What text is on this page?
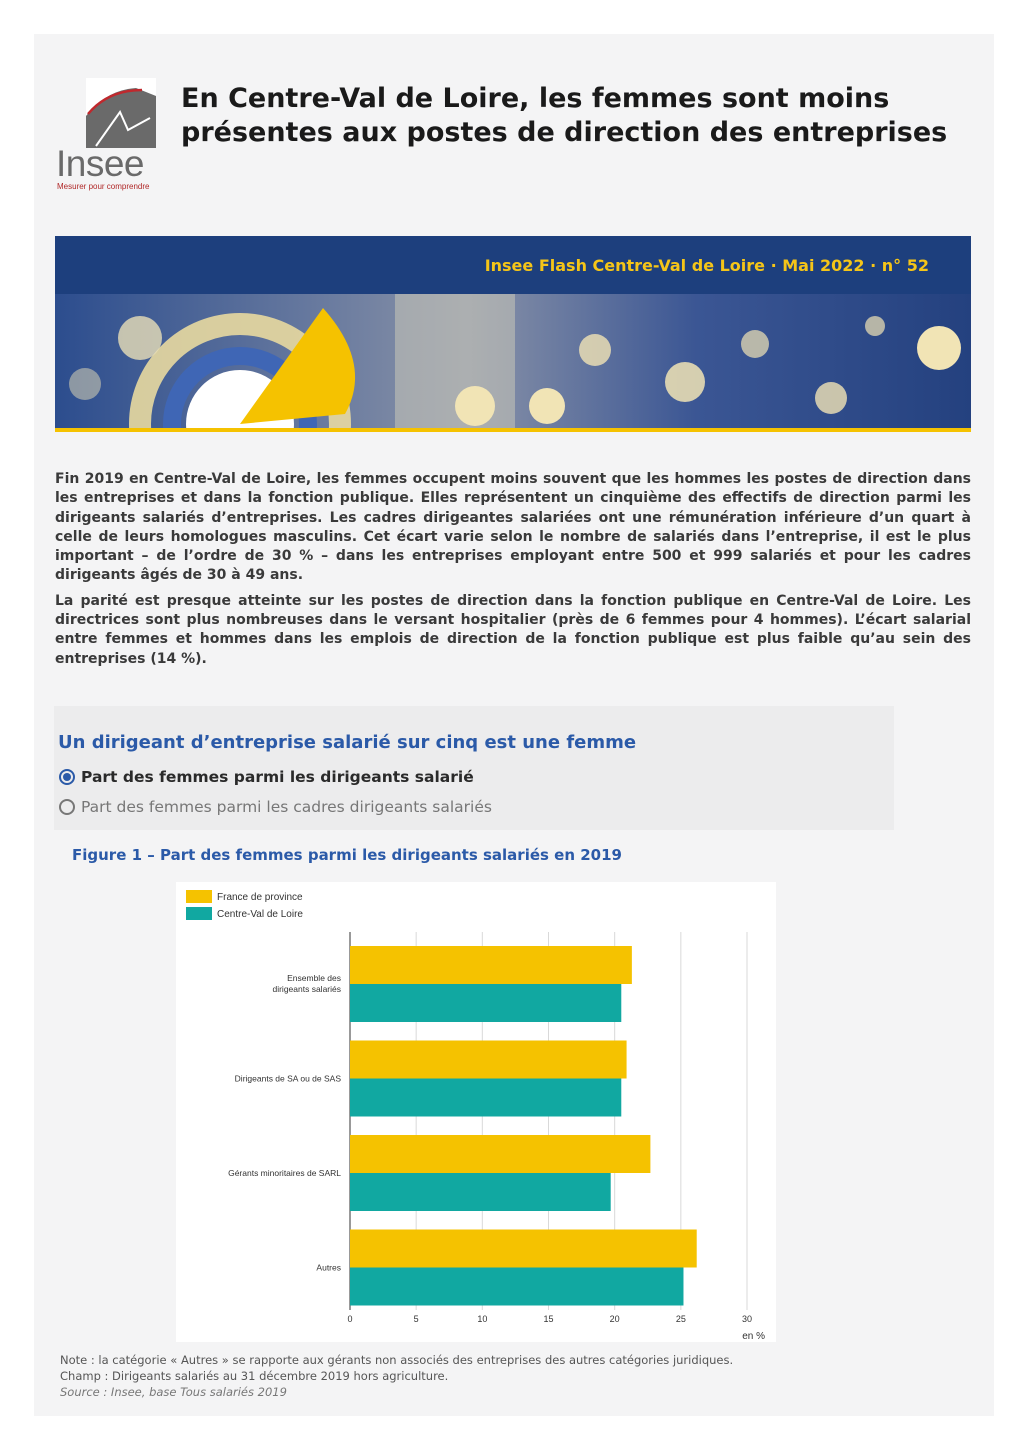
Insee
Mesurer pour comprendre
En Centre-Val de Loire, les femmes sont moins
présentes aux postes de direction des entreprises
Insee Flash Centre-Val de Loire · Mai 2022 · n° 52

Fin 2019 en Centre-Val de Loire, les femmes occupent moins souvent que les hommes les postes de direction dans les entreprises et dans la fonction publique. Elles représentent un cinquième des effectifs de direction parmi les dirigeants salariés d’entreprises. Les cadres dirigeantes salariées ont une rémunération inférieure d’un quart à celle de leurs homologues masculins. Cet écart varie selon le nombre de salariés dans l’entreprise, il est le plus important – de l’ordre de 30 % – dans les entreprises employant entre 500 et 999 salariés et pour les cadres dirigeants âgés de 30 à 49 ans.

La parité est presque atteinte sur les postes de direction dans la fonction publique en Centre-Val de Loire. Les directrices sont plus nombreuses dans le versant hospitalier (près de 6 femmes pour 4 hommes). L’écart salarial entre femmes et hommes dans les emplois de direction de la fonction publique est plus faible qu’au sein des entreprises (14 %).

Un dirigeant d’entreprise salarié sur cinq est une femme
Part des femmes parmi les dirigeants salarié
Part des femmes parmi les cadres dirigeants salariés
Figure 1 – Part des femmes parmi les dirigeants salariés en 2019
France de province
Centre-Val de Loire
0	5	10	15	20	25	30
en %
Ensemble des
dirigeants salariés
Dirigeants de SA ou de SAS
Gérants minoritaires de SARL
Autres
Note : la catégorie « Autres » se rapporte aux gérants non associés des entreprises des autres catégories juridiques.
Champ : Dirigeants salariés au 31 décembre 2019 hors agriculture.
Source : Insee, base Tous salariés 2019
